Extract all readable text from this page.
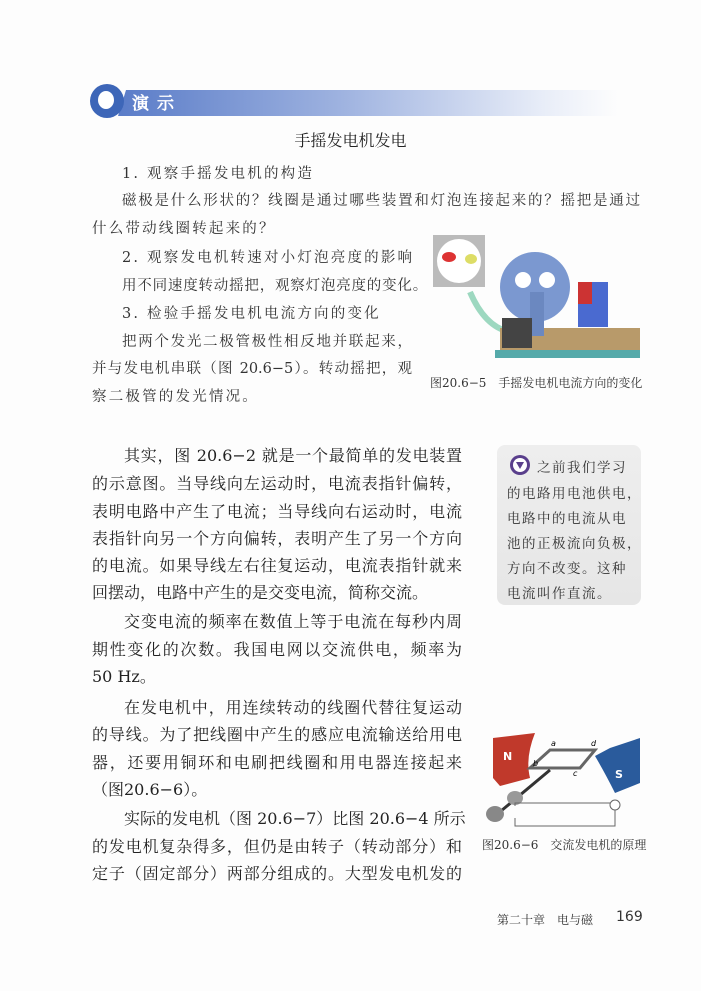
演示
手摇发电机发电
1. 观察手摇发电机的构造
磁极是什么形状的？线圈是通过哪些装置和灯泡连接起来的？摇把是通过
什么带动线圈转起来的？
2. 观察发电机转速对小灯泡亮度的影响
用不同速度转动摇把，观察灯泡亮度的变化。
3. 检验手摇发电机电流方向的变化
把两个发光二极管极性相反地并联起来，
并与发电机串联（图 20.6−5）。转动摇把，观
察二极管的发光情况。
图20.6−5　手摇发电机电流方向的变化
其实，图 20.6−2 就是一个最简单的发电装置
的示意图。当导线向左运动时，电流表指针偏转，
表明电路中产生了电流；当导线向右运动时，电流
表指针向另一个方向偏转，表明产生了另一个方向
的电流。如果导线左右往复运动，电流表指针就来
回摆动，电路中产生的是交变电流，简称交流。
交变电流的频率在数值上等于电流在每秒内周
期性变化的次数。我国电网以交流供电，频率为
50 Hz。
在发电机中，用连续转动的线圈代替往复运动
的导线。为了把线圈中产生的感应电流输送给用电
器，还要用铜环和电刷把线圈和用电器连接起来
（图20.6−6）。
实际的发电机（图 20.6−7）比图 20.6−4 所示
的发电机复杂得多，但仍是由转子（转动部分）和
定子（固定部分）两部分组成的。大型发电机发的
之前我们学习
的电路用电池供电，
电路中的电流从电
池的正极流向负极，
方向不改变。这种
电流叫作直流。
N
S
a
b
c
d
图20.6−6　交流发电机的原理
第二十章　电与磁 169
